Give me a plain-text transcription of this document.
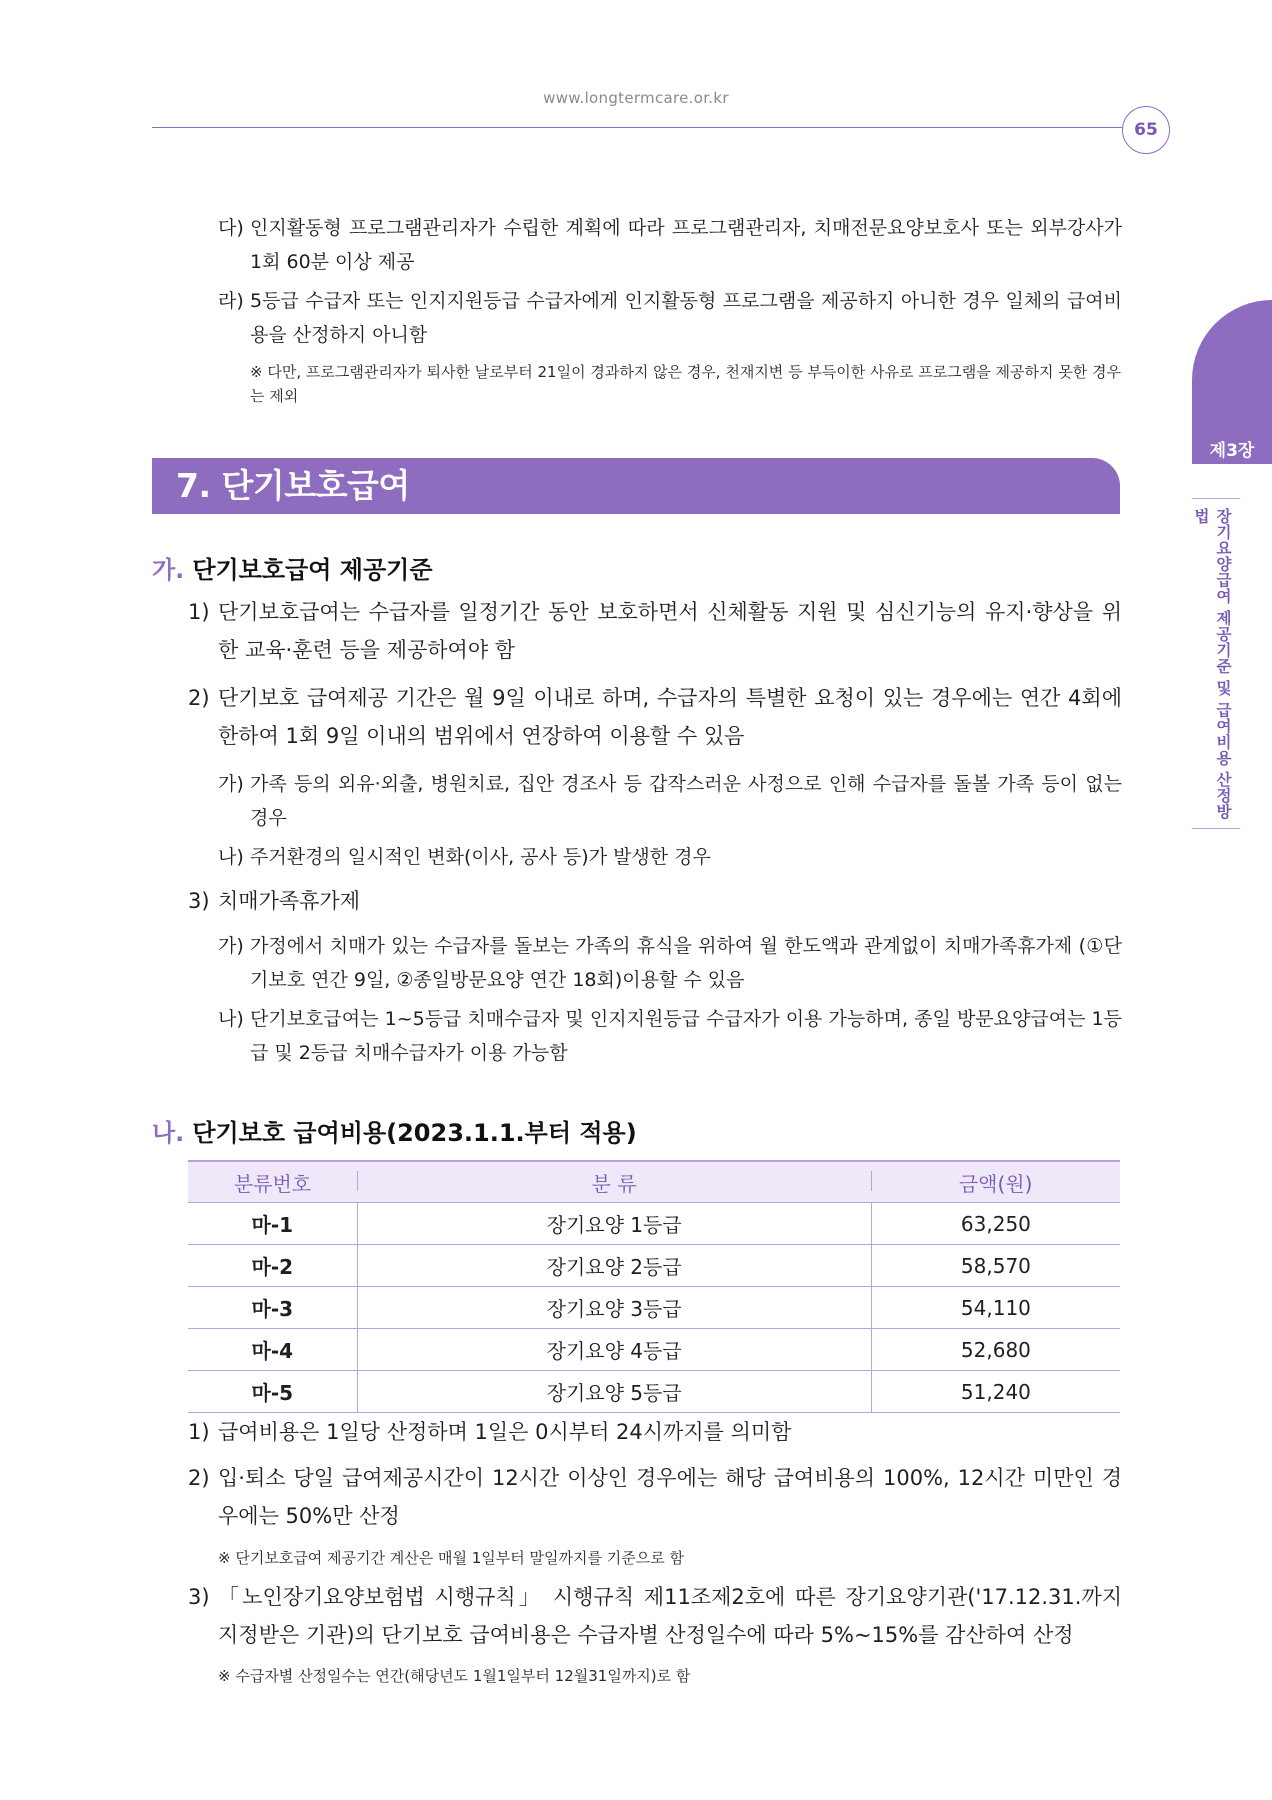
www.longtermcare.or.kr
65
제3장
장기요양급여 제공기준 및 급여비용 산정방법
다) 인지활동형 프로그램관리자가 수립한 계획에 따라 프로그램관리자, 치매전문요양보호사 또는 외부강사가 1회 60분 이상 제공
라) 5등급 수급자 또는 인지지원등급 수급자에게 인지활동형 프로그램을 제공하지 아니한 경우 일체의 급여비용을 산정하지 아니함
※ 다만, 프로그램관리자가 퇴사한 날로부터 21일이 경과하지 않은 경우, 천재지변 등 부득이한 사유로 프로그램을 제공하지 못한 경우는 제외
7. 단기보호급여
가. 단기보호급여 제공기준
1) 단기보호급여는 수급자를 일정기간 동안 보호하면서 신체활동 지원 및 심신기능의 유지·향상을 위한 교육·훈련 등을 제공하여야 함
2) 단기보호 급여제공 기간은 월 9일 이내로 하며, 수급자의 특별한 요청이 있는 경우에는 연간 4회에 한하여 1회 9일 이내의 범위에서 연장하여 이용할 수 있음
가) 가족 등의 외유·외출, 병원치료, 집안 경조사 등 갑작스러운 사정으로 인해 수급자를 돌볼 가족 등이 없는 경우
나) 주거환경의 일시적인 변화(이사, 공사 등)가 발생한 경우
3) 치매가족휴가제
가) 가정에서 치매가 있는 수급자를 돌보는 가족의 휴식을 위하여 월 한도액과 관계없이 치매가족휴가제 (①단기보호 연간 9일, ②종일방문요양 연간 18회)이용할 수 있음
나) 단기보호급여는 1~5등급 치매수급자 및 인지지원등급 수급자가 이용 가능하며, 종일 방문요양급여는 1등급 및 2등급 치매수급자가 이용 가능함
나. 단기보호 급여비용(2023.1.1.부터 적용)
분류번호	분 류	금액(원)
마-1	장기요양 1등급	63,250
마-2	장기요양 2등급	58,570
마-3	장기요양 3등급	54,110
마-4	장기요양 4등급	52,680
마-5	장기요양 5등급	51,240
1) 급여비용은 1일당 산정하며 1일은 0시부터 24시까지를 의미함
2) 입·퇴소 당일 급여제공시간이 12시간 이상인 경우에는 해당 급여비용의 100%, 12시간 미만인 경우에는 50%만 산정
※ 단기보호급여 제공기간 계산은 매월 1일부터 말일까지를 기준으로 함
3) 「노인장기요양보험법 시행규칙」 시행규칙 제11조제2호에 따른 장기요양기관('17.12.31.까지 지정받은 기관)의 단기보호 급여비용은 수급자별 산정일수에 따라 5%~15%를 감산하여 산정
※ 수급자별 산정일수는 연간(해당년도 1월1일부터 12월31일까지)로 함
